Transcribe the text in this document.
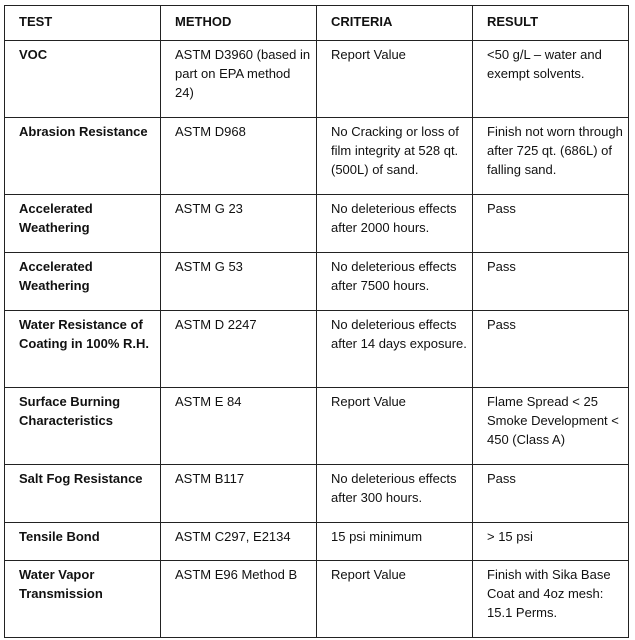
TEST	METHOD	CRITERIA	RESULT
VOC	ASTM D3960 (based in part on EPA method 24)	Report Value	<50 g/L – water and exempt solvents.
Abrasion Resistance	ASTM D968	No Cracking or loss of film integrity at 528 qt. (500L) of sand.	Finish not worn through after 725 qt. (686L) of falling sand.
Accelerated Weathering	ASTM G 23	No deleterious effects after 2000 hours.	Pass
Accelerated Weathering	ASTM G 53	No deleterious effects after 7500 hours.	Pass
Water Resistance of Coating in 100% R.H.	ASTM D 2247	No deleterious effects after 14 days exposure.	Pass
Surface Burning Characteristics	ASTM E 84	Report Value	Flame Spread < 25 Smoke Development < 450 (Class A)
Salt Fog Resistance	ASTM B117	No deleterious effects after 300 hours.	Pass
Tensile Bond	ASTM C297, E2134	15 psi minimum	> 15 psi
Water Vapor Transmission	ASTM E96 Method B	Report Value	Finish with Sika Base Coat and 4oz mesh: 15.1 Perms.
